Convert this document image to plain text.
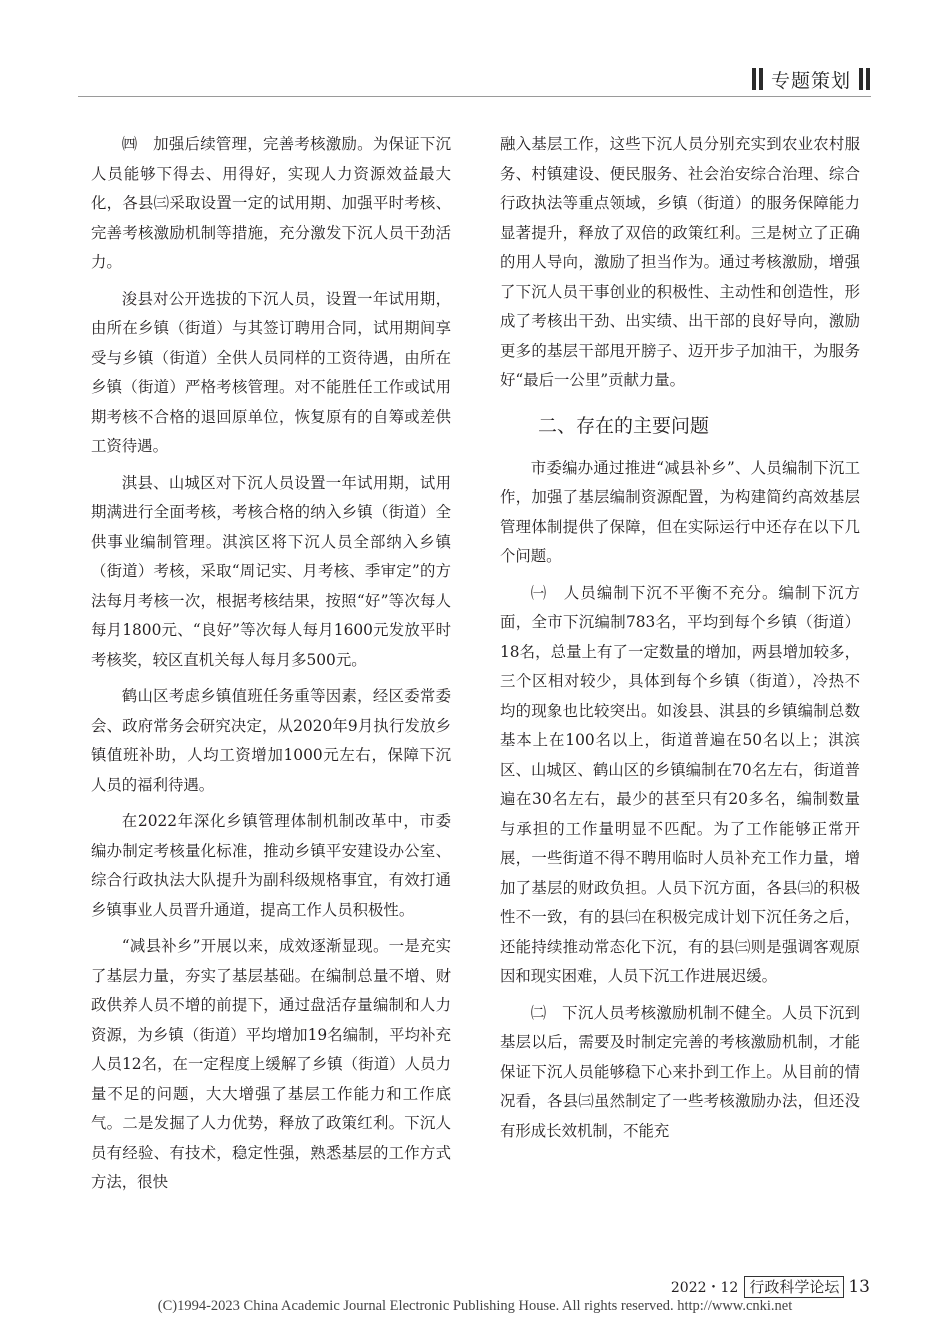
专题策划

㈣　加强后续管理，完善考核激励。为保证下沉人员能够下得去、用得好，实现人力资源效益最大化，各县㈢采取设置一定的试用期、加强平时考核、完善考核激励机制等措施，充分激发下沉人员干劲活力。

浚县对公开选拔的下沉人员，设置一年试用期，由所在乡镇（街道）与其签订聘用合同，试用期间享受与乡镇（街道）全供人员同样的工资待遇，由所在乡镇（街道）严格考核管理。对不能胜任工作或试用期考核不合格的退回原单位，恢复原有的自筹或差供工资待遇。

淇县、山城区对下沉人员设置一年试用期，试用期满进行全面考核，考核合格的纳入乡镇（街道）全供事业编制管理。淇滨区将下沉人员全部纳入乡镇（街道）考核，采取“周记实、月考核、季审定”的方法每月考核一次，根据考核结果，按照“好”等次每人每月1800元、“良好”等次每人每月1600元发放平时考核奖，较区直机关每人每月多500元。

鹤山区考虑乡镇值班任务重等因素，经区委常委会、政府常务会研究决定，从2020年9月执行发放乡镇值班补助，人均工资增加1000元左右，保障下沉人员的福利待遇。

在2022年深化乡镇管理体制机制改革中，市委编办制定考核量化标准，推动乡镇平安建设办公室、综合行政执法大队提升为副科级规格事宜，有效打通乡镇事业人员晋升通道，提高工作人员积极性。

“减县补乡”开展以来，成效逐渐显现。一是充实了基层力量，夯实了基层基础。在编制总量不增、财政供养人员不增的前提下，通过盘活存量编制和人力资源，为乡镇（街道）平均增加19名编制，平均补充人员12名，在一定程度上缓解了乡镇（街道）人员力量不足的问题，大大增强了基层工作能力和工作底气。二是发掘了人力优势，释放了政策红利。下沉人员有经验、有技术，稳定性强，熟悉基层的工作方式方法，很快

融入基层工作，这些下沉人员分别充实到农业农村服务、村镇建设、便民服务、社会治安综合治理、综合行政执法等重点领域，乡镇（街道）的服务保障能力显著提升，释放了双倍的政策红利。三是树立了正确的用人导向，激励了担当作为。通过考核激励，增强了下沉人员干事创业的积极性、主动性和创造性，形成了考核出干劲、出实绩、出干部的良好导向，激励更多的基层干部甩开膀子、迈开步子加油干，为服务好“最后一公里”贡献力量。

二、存在的主要问题

市委编办通过推进“减县补乡”、人员编制下沉工作，加强了基层编制资源配置，为构建简约高效基层管理体制提供了保障，但在实际运行中还存在以下几个问题。

㈠　人员编制下沉不平衡不充分。编制下沉方面，全市下沉编制783名，平均到每个乡镇（街道）18名，总量上有了一定数量的增加，两县增加较多，三个区相对较少，具体到每个乡镇（街道），冷热不均的现象也比较突出。如浚县、淇县的乡镇编制总数基本上在100名以上，街道普遍在50名以上；淇滨区、山城区、鹤山区的乡镇编制在70名左右，街道普遍在30名左右，最少的甚至只有20多名，编制数量与承担的工作量明显不匹配。为了工作能够正常开展，一些街道不得不聘用临时人员补充工作力量，增加了基层的财政负担。人员下沉方面，各县㈢的积极性不一致，有的县㈢在积极完成计划下沉任务之后，还能持续推动常态化下沉，有的县㈢则是强调客观原因和现实困难，人员下沉工作进展迟缓。

㈡　下沉人员考核激励机制不健全。人员下沉到基层以后，需要及时制定完善的考核激励机制，才能保证下沉人员能够稳下心来扑到工作上。从目前的情况看，各县㈢虽然制定了一些考核激励办法，但还没有形成长效机制，不能充

2022・12 行政科学论坛 13
(C)1994-2023 China Academic Journal Electronic Publishing House. All rights reserved. http://www.cnki.net
